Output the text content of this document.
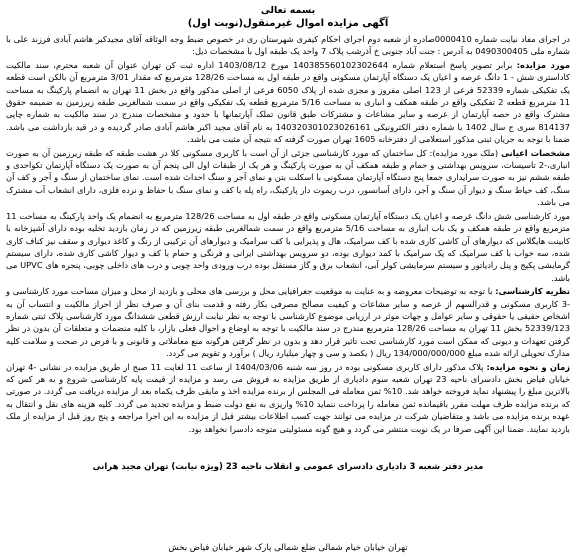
بسمه تعالی
آگهی مزایده اموال غیرمنقول(نوبت اول)

در اجرای مفاد نیابت شماره 0000410صادره از شعبه دوم اجرای احکام کیفری شهرستان ری در خصوص ضبط وجه الوثاقه آقای مجیدکبر هاشم آبادی فرزند علی با شماره ملی 0490300405 به آدرس : جنت آباد جنوبی خ آذرشب پلاک 7 واحد یک طبقه اول با مشخصات ذیل:

مورد مزایده: برابر تصویر پاسخ استعلام شماره 140385560102302644 مورخ 1403/08/12 اداره ثبت کن تهران عنوان آن شعبه محترم، سند مالکیت کاداستری شش - 1 دانگ عرصه و اعیان یک دستگاه آپارتمان مسکونی واقع در طبقه اول به مساحت 128/26 مترمربع که مقدار 3/01 مترمربع آن بالکن است قطعه یک تفکیکی شماره 52339 فرعی از 123 اصلی مفروز و مجزی شده از پلاک 6050 فرعی از اصلی مذکور واقع در بخش 11 تهران به انضمام پارکینگ به مساحت 11 مترمربع قطعه 2 تفکیکی واقع در طبقه همکف و انباری به مساحت 5/16 مترمربع قطعه یک تفکیکی واقع در سمت شمالغربی طبقه زیرزمین به ضمیمه حقوق مشترک واقع در حصه آپارتمان از عرصه و سایر مشاعات و مشترکات طبق قانون تملک آپارتمانها با حدود و مشخصات مندرج در سند مالکیت به شماره چاپی 814137 سری ج سال 1402 با شماره دفتر الکترونیکی 140320301023026161 به نام آقای مجید اکبر هاشم آبادی صادر گردیده و در قید بازداشت می باشد. ضمنا با توجه به جریان ثبتی مذکور استعلامی از دفترخانه 1605 تهران صورت گرفته که نتیجه آن مثبت می باشد.

مشخصات اعیانی (ملک مورد مزایده): کل ساختمان که مورد کارشناسی جزئی از آن است با کاربری مسکونی کلا در هشت طبقه که طبقه زیرزمین آن به صورت انباری،-2 تاسیسات، سرویس بهداشتی و حمام و طبقه همکف آن به صورت پارکینگ و هر یک از طبقات اول الی پنجم آن به صورت یک دستگاه آپارتمان تکواحدی و طبقه ششم نیز به صورت سرایداری جمعا پنج دستگاه آپارتمان مسکونی با اسکلت بتن و نمای آجر و سنگ احداث شده است. نمای ساختمان از سنگ و آجر و کف آن سنگ، کف حیاط سنگ و دیوار آن سنگ و آجر، دارای آسانسور، درب ریموت دار پارکینگ، راه پله با کف و نمای سنگ با حفاظ و نرده فلزی، دارای انشعاب آب مشترک می باشد.

مورد کارشناسی شش دانگ عرصه و اعیان یک دستگاه آپارتمان مسکونی واقع در طبقه اول به مساحت 128/26 مترمربع به انضمام یک واحد پارکینگ به مساحت 11 مترمربع واقع در طبقه همکف و یک باب انباری به مساحت 5/16 مترمربع واقع در سمت شمالغربی طبقه زیرزمین که در زمان بازدید تخلیه بوده دارای آشپزخانه با کابینت هایگلاس که دیوارهای آن کاشی کاری شده با کف سرامیک، هال و پذیرایی با کف سرامیک و دیوارهای آن ترکیبی از رنگ و کاغذ دیواری و سقف نیز کناف کاری شده، سه خواب با کف سرامیک که یک سرامیک با کمد دیواری بوده، دو سرویس بهداشتی ایرانی و فرنگی و حمام با کف و دیوار کاشی کاری شده، دارای سیستم گرمایشی پکیج و پنل رادیاتور و سیستم سرمایشی کولر آبی، انشعاب برق و گاز مستقل بوده درب ورودی واحد چوبی و درب های داخلی چوبی، پنجره های UPVC می باشد.

نظریه کارشناسی: با توجه به توضیحات معروضه و به عنایت به موقعیت جغرافیایی محل و بررسی های محلی و بازدید از محل و میزان مساحت مورد کارشناسی و -3 کاربری مسکونی و قدرالسهم از عرصه و سایر مشاعات و کیفیت مصالح مصرفی بکار رفته و قدمت بنای آن و صرف نظر از احراز مالکیت و انتساب آن به اشخاص حقیقی یا حقوقی و سایر عوامل و جهات موثر در ارزیابی موضوع کارشناسی با توجه به نظر نیابت ارزش قطعی ششدانگ مورد کارشناسی پلاک ثبتی شماره 52339/123 بخش 11 تهران به مساحت 128/26 مترمربع مندرج در سند مالکیت با توجه به اوضاع و احوال فعلی بازار، با کلیه منضمات و متعلقات آن بدون در نظر گرفتن تعهدات و دیونی که ممکن است مورد کارشناسی تحت تاثیر قرار دهد و بدون در نظر گرفتن هرگونه منع معاملاتی و قانونی و با فرض در صحت و سلامت کلیه مدارک تحویلی ارائه شده مبلغ 134/000/000/000 ریال ( یکصد و سی و چهار میلیارد ریال ) برآورد و تقویم می گردد.

زمان و نحوه مزایده: پلاک مذکور دارای کاربری مسکونی بوده در روز سه شنبه 1404/03/06 از ساعت 11 لغایت 11 صبح از طریق مزایده در نشانی -4 تهران خیابان فیاض بخش دادسرای ناحیه 23 تهران شعبه سوم دادیاری از طریق مزایده به فروش می رسد و مزایده از قیمت پایه کارشناسی شروع و به هر کس که بالاترین مبلغ را پیشنهاد نماید فروخته خواهد شد. 10% ثمن معامله فی المجلس از برنده مزایده اخذ و مابقی ظرف یکماه بعد از مزایده دریافت می گردد. در صورتی که برنده مزایده ظرف مهلت مقرر باقیمانده ثمن معامله را پرداخت ننماید 10% واریزی به نفع دولت ضبط و مزایده تجدید می گردد. کلیه هزینه های نقل و انتقال به عهده برنده مزایده می باشد و متقاضیان شرکت در مزایده می توانند جهت کسب اطلاعات بیشتر قبل از مزایده به این اجرا مراجعه و پنج روز قبل از مزایده از ملک بازدید نمایند. ضمنا این آگهی صرفا در یک نوبت منتشر می گردد و هیچ گونه مسئولیتی متوجه دادسرا نخواهد بود.

مدیر دفتر شعبه 3 دادیاری دادسرای عمومی و انقلاب ناحیه 23 (ویژه نیابت) تهران مجید هرانی
تهران خیابان خیام شمالی ضلع شمالی پارک شهر خیابان فیاض بخش
